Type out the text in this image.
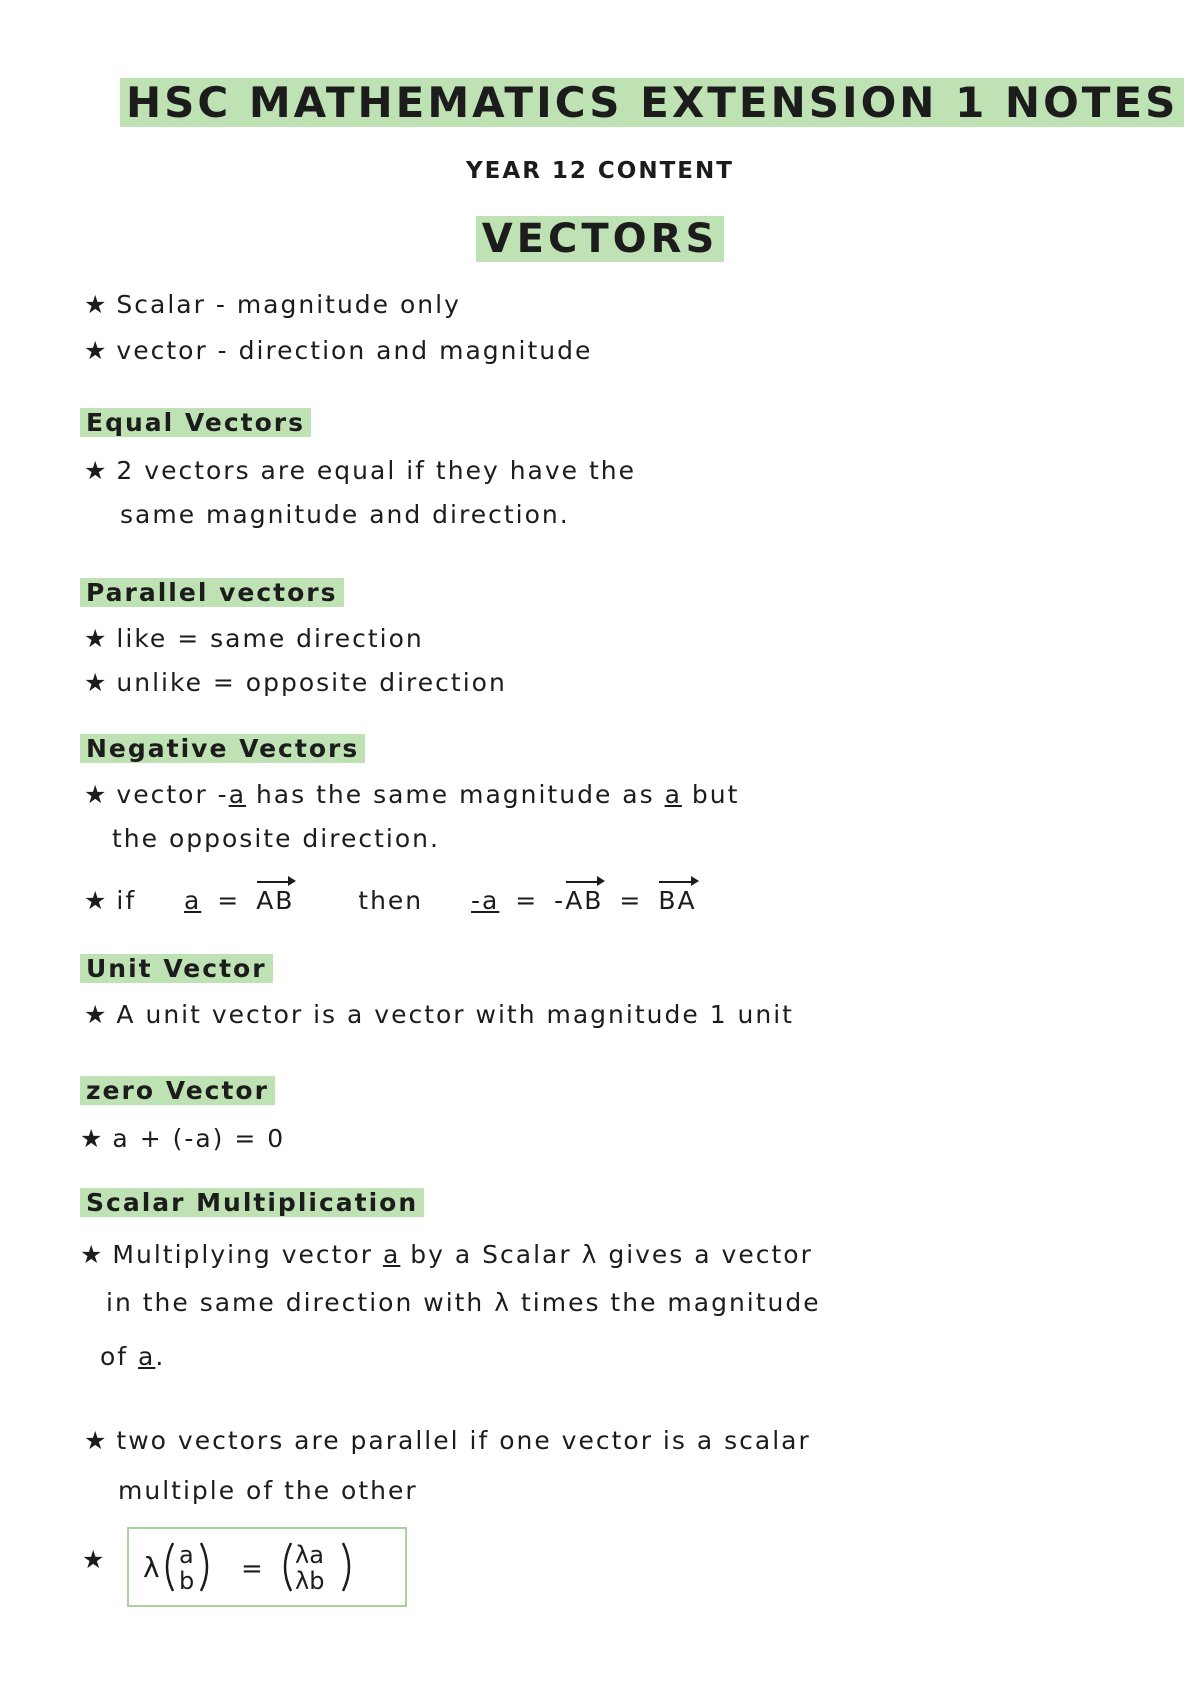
HSC MATHEMATICS EXTENSION 1 NOTES
YEAR 12 CONTENT
VECTORS
★ Scalar - magnitude only
★ vector - direction and magnitude
Equal Vectors
★ 2 vectors are equal if they have the
same magnitude and direction.
Parallel vectors
★ like = same direction
★ unlike = opposite direction
Negative Vectors
★ vector -a has the same magnitude as a but
the opposite direction.
★ if a = AB	then -a = -AB = BA
Unit Vector
★ A unit vector is a vector with magnitude 1 unit
zero Vector
★ a + (-a) = 0
Scalar Multiplication
★ Multiplying vector a by a Scalar λ gives a vector
in the same direction with λ times the magnitude
of a.
★ two vectors are parallel if one vector is a scalar
multiple of the other
★ λ a
b = λa
λb
